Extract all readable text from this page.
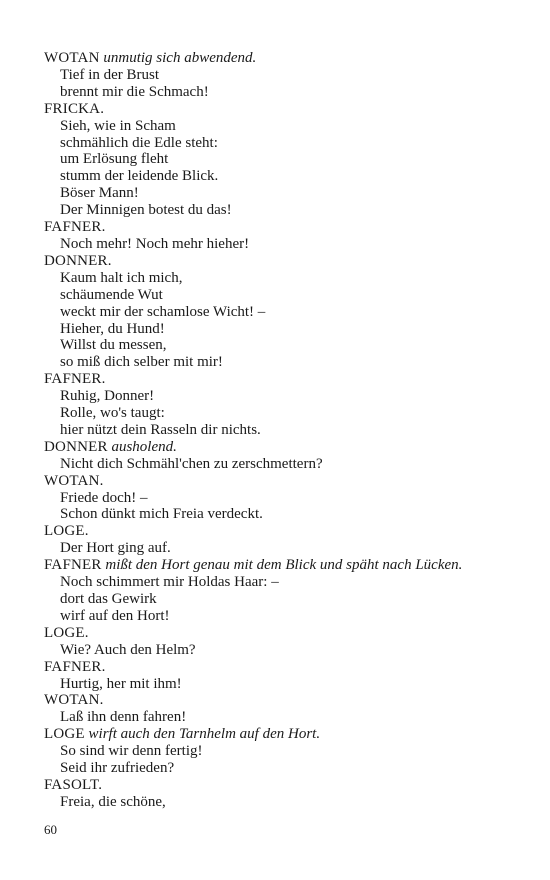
WOTAN unmutig sich abwendend.
Tief in der Brust
brennt mir die Schmach!
FRICKA.
Sieh, wie in Scham
schmählich die Edle steht:
um Erlösung fleht
stumm der leidende Blick.
Böser Mann!
Der Minnigen botest du das!
FAFNER.
Noch mehr! Noch mehr hieher!
DONNER.
Kaum halt ich mich,
schäumende Wut
weckt mir der schamlose Wicht! –
Hieher, du Hund!
Willst du messen,
so miß dich selber mit mir!
FAFNER.
Ruhig, Donner!
Rolle, wo's taugt:
hier nützt dein Rasseln dir nichts.
DONNER ausholend.
Nicht dich Schmähl'chen zu zerschmettern?
WOTAN.
Friede doch! –
Schon dünkt mich Freia verdeckt.
LOGE.
Der Hort ging auf.
FAFNER mißt den Hort genau mit dem Blick und späht nach Lücken.
Noch schimmert mir Holdas Haar: –
dort das Gewirk
wirf auf den Hort!
LOGE.
Wie? Auch den Helm?
FAFNER.
Hurtig, her mit ihm!
WOTAN.
Laß ihn denn fahren!
LOGE wirft auch den Tarnhelm auf den Hort.
So sind wir denn fertig!
Seid ihr zufrieden?
FASOLT.
Freia, die schöne,
60
